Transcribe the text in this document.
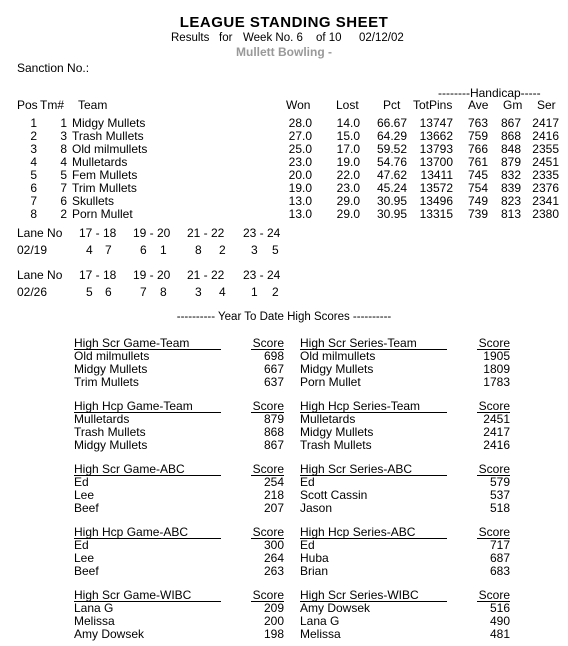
LEAGUE STANDING SHEET
Results for Week No. 6 of 10 02/12/02
Mullett Bowling -
Sanction No.:
--------Handicap-----
Pos Tm# Team	Won Lost Pct TotPins Ave Gm Ser
1	1 Midgy Mullets	28.0	14.0	66.67	13747	763	867 2417
2	3 Trash Mullets	27.0	15.0	64.29	13662	759	868 2416
3	8 Old milmullets	25.0	17.0	59.52	13793	766	848 2355
4	4 Mulletards	23.0	19.0	54.76	13700	761	879 2451
5	5 Fem Mullets	20.0	22.0	47.62	13411	745	832 2335
6	7 Trim Mullets	19.0	23.0	45.24	13572	754	839 2376
7	6 Skullets	13.0	29.0	30.95	13496	749	823 2341
8	2 Porn Mullet	13.0	29.0	30.95	13315	739	813 2380
Lane No 17 - 18 19 - 20 21 - 22 23 - 24
02/19	4 7 6 1 8 2 3 5
Lane No 17 - 18 19 - 20 21 - 22 23 - 24
02/26	5 6 7 8 3 4 1 2
---------- Year To Date High Scores ----------
High Scr Game-Team	Score
Old milmullets	698
Midgy Mullets	667
Trim Mullets	637
High Scr Series-Team	Score
Old milmullets	1905
Midgy Mullets	1809
Porn Mullet	1783
High Hcp Game-Team	Score
Mulletards	879
Trash Mullets	868
Midgy Mullets	867
High Hcp Series-Team	Score
Mulletards	2451
Midgy Mullets	2417
Trash Mullets	2416
High Scr Game-ABC	Score
Ed	254
Lee	218
Beef	207
High Scr Series-ABC	Score
Ed	579
Scott Cassin	537
Jason	518
High Hcp Game-ABC	Score
Ed	300
Lee	264
Beef	263
High Hcp Series-ABC	Score
Ed	717
Huba	687
Brian	683
High Scr Game-WIBC	Score
Lana G	209
Melissa	200
Amy Dowsek	198
High Scr Series-WIBC	Score
Amy Dowsek	516
Lana G	490
Melissa	481
